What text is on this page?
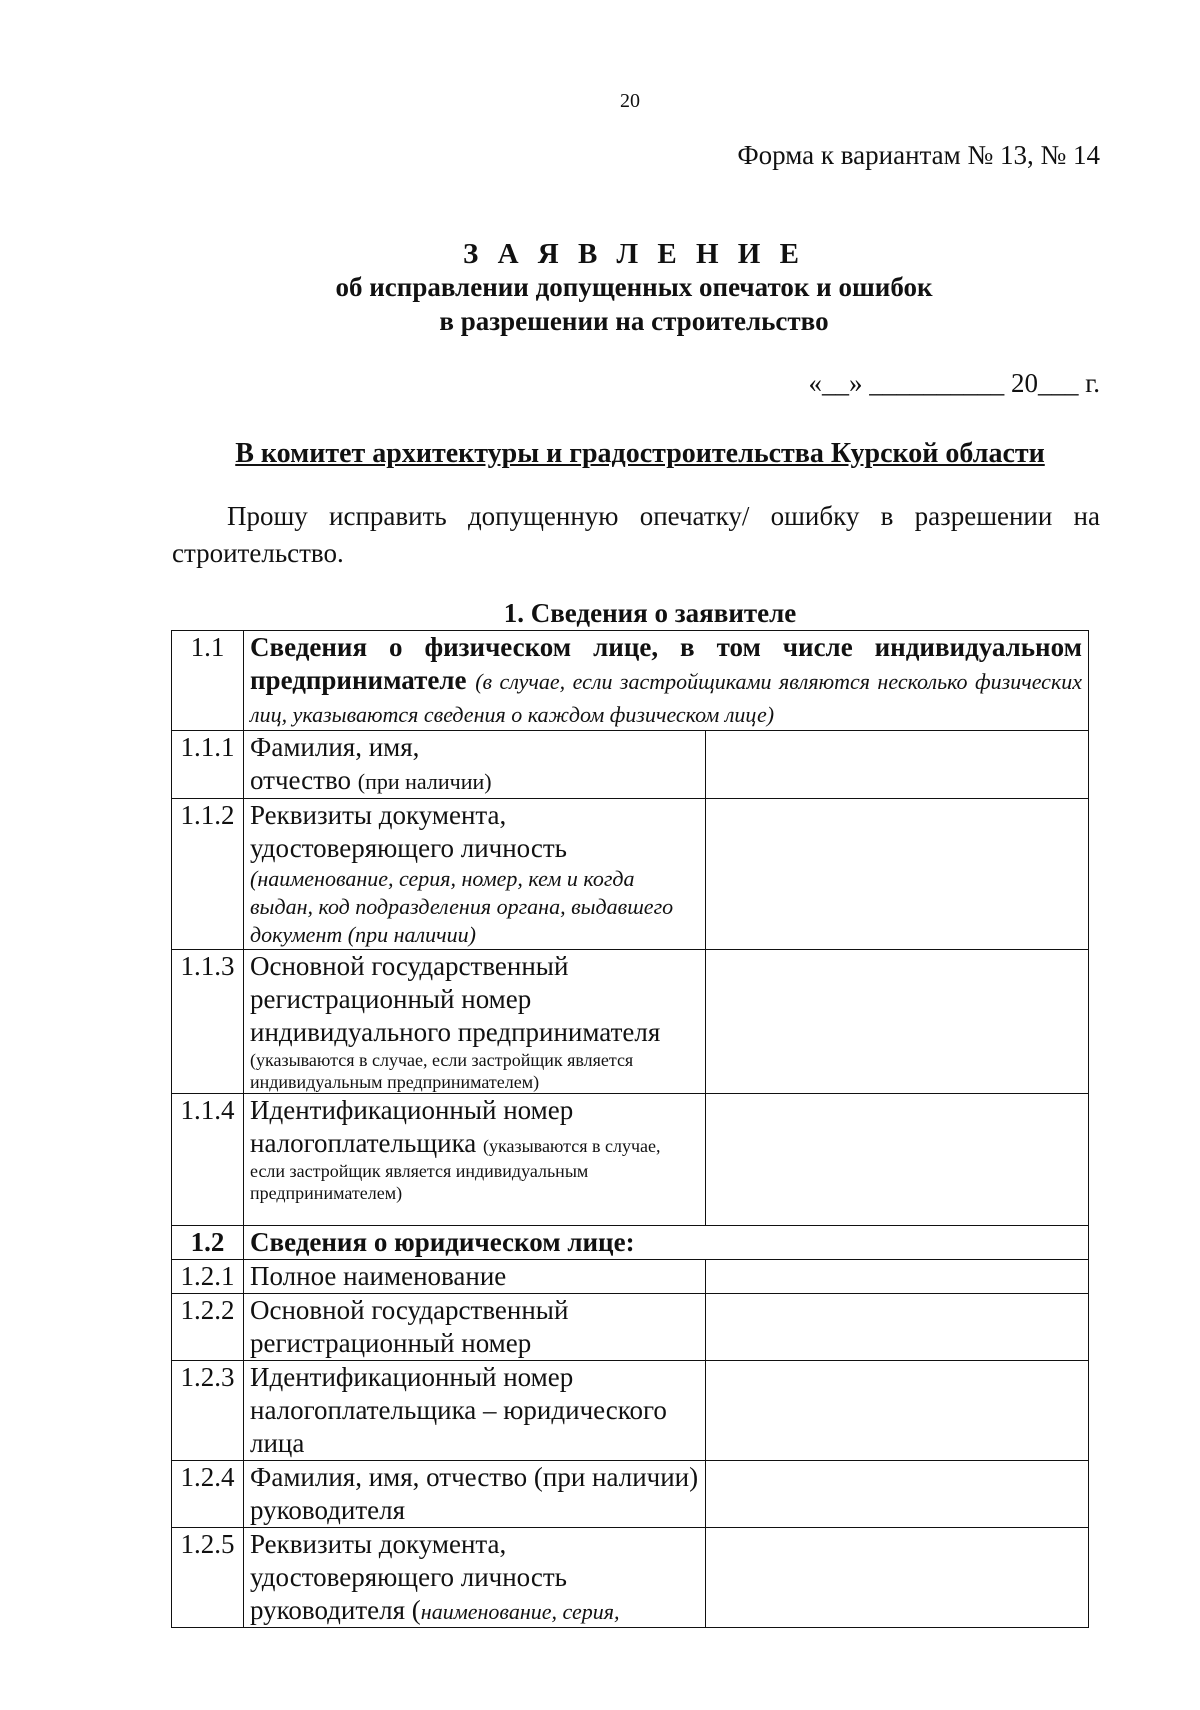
20
Форма к вариантам № 13, № 14
З А Я В Л Е Н И Е
об исправлении допущенных опечаток и ошибок
в разрешении на строительство
«__» __________ 20___ г.
В комитет архитектуры и градостроительства Курской области
Прошу исправить допущенную опечатку/ ошибку в разрешении на строительство.
1. Сведения о заявителе
1.1	Сведения о физическом лице, в том числе индивидуальном предпринимателе (в случае, если застройщиками являются несколько физических лиц, указываются сведения о каждом физическом лице)	
1.1.1	Фамилия, имя,
отчество (при наличии)	

1.1.2	Реквизиты документа, удостоверяющего личность
(наименование, серия, номер, кем и когда выдан, код подразделения органа, выдавшего документ (при наличии)	

1.1.3	Основной государственный регистрационный номер индивидуального предпринимателя
(указываются в случае, если застройщик является индивидуальным предпринимателем)	

1.1.4	Идентификационный номер налогоплательщика (указываются в случае,
если застройщик является индивидуальным предпринимателем)	

1.2	Сведения о юридическом лице:	
1.2.1	Полное наименование	
1.2.2	Основной государственный регистрационный номер	
1.2.3	Идентификационный номер налогоплательщика – юридического лица	
1.2.4	Фамилия, имя, отчество (при наличии) руководителя	
1.2.5	Реквизиты документа, удостоверяющего личность
руководителя (наименование, серия,	
